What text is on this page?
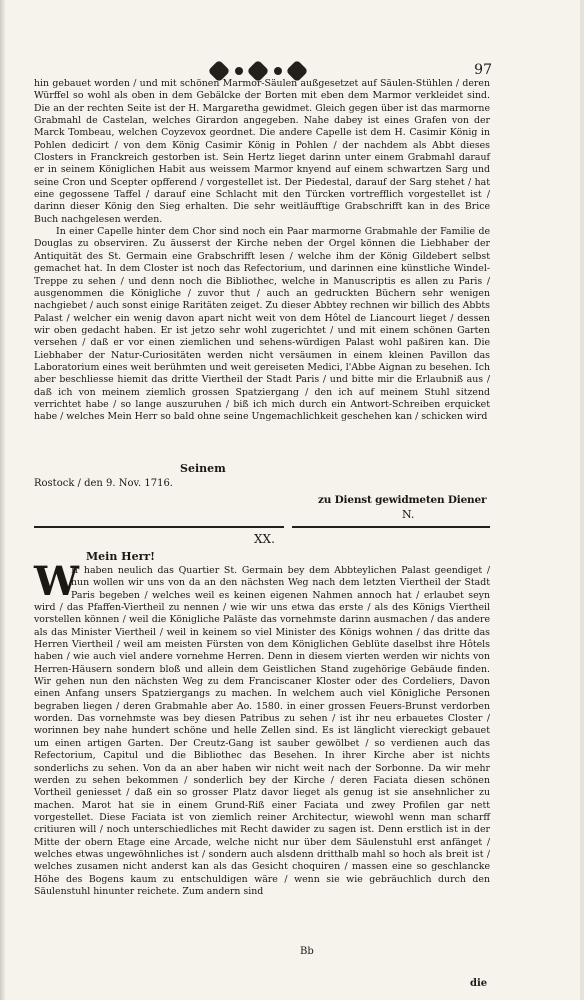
97

hin gebauet worden / und mit schönen Marmor-Säulen außgesetzet auf Säulen-Stühlen / deren Würffel so wohl als oben in dem Gebälcke der Borten mit eben dem Marmor verkleidet sind. Die an der rechten Seite ist der H. Margaretha gewidmet. Gleich gegen über ist das marmorne Grabmahl de Castelan, welches Girardon angegeben. Nahe dabey ist eines Grafen von der Marck Tombeau, welchen Coyzevox geordnet. Die andere Capelle ist dem H. Casimir König in Pohlen dedicirt / von dem König Casimir König in Pohlen / der nachdem als Abbt dieses Closters in Franckreich gestorben ist. Sein Hertz lieget darinn unter einem Grabmahl darauf er in seinem Königlichen Habit aus weissem Marmor knyend auf einem schwartzen Sarg und seine Cron und Scepter opfferend / vorgestellet ist. Der Piedestal, darauf der Sarg stehet / hat eine gegossene Taffel / darauf eine Schlacht mit den Türcken vortrefflich vorgestellet ist / darinn dieser König den Sieg erhalten. Die sehr weitläufftige Grabschrifft kan in des Brice Buch nachgelesen werden.

In einer Capelle hinter dem Chor sind noch ein Paar marmorne Grabmahle der Familie de Douglas zu observiren. Zu äusserst der Kirche neben der Orgel können die Liebhaber der Antiquität des St. Germain eine Grabschrifft lesen / welche ihm der König Gildebert selbst gemachet hat. In dem Closter ist noch das Refectorium, und darinnen eine künstliche Windel-Treppe zu sehen / und denn noch die Bibliothec, welche in Manuscriptis es allen zu Paris / ausgenommen die Königliche / zuvor thut / auch an gedruckten Büchern sehr wenigen nachgiebet / auch sonst einige Raritäten zeiget. Zu dieser Abbtey rechnen wir billich des Abbts Palast / welcher ein wenig davon apart nicht weit von dem Hôtel de Liancourt lieget / dessen wir oben gedacht haben. Er ist jetzo sehr wohl zugerichtet / und mit einem schönen Garten versehen / daß er vor einen ziemlichen und sehens-würdigen Palast wohl paßiren kan. Die Liebhaber der Natur-Curiositäten werden nicht versäumen in einem kleinen Pavillon das Laboratorium eines weit berühmten und weit gereiseten Medici, l'Abbe Aignan zu besehen. Ich aber beschliesse hiemit das dritte Viertheil der Stadt Paris / und bitte mir die Erlaubniß aus / daß ich von meinem ziemlich grossen Spatziergang / den ich auf meinem Stuhl sitzend verrichtet habe / so lange auszuruhen / biß ich mich durch ein Antwort-Schreiben erquicket habe / welches Mein Herr so bald ohne seine Ungemachlichkeit geschehen kan / schicken wird

Seinem
Rostock / den 9. Nov. 1716.
zu Dienst gewidmeten Diener
N.
XX.
Mein Herr!
W

Ir haben neulich das Quartier St. Germain bey dem Abbteylichen Palast geendiget / nun wollen wir uns von da an den nächsten Weg nach dem letzten Viertheil der Stadt Paris begeben / welches weil es keinen eigenen Nahmen annoch hat / erlaubet seyn wird / das Pfaffen-Viertheil zu nennen / wie wir uns etwa das erste / als des Königs Viertheil vorstellen können / weil die Königliche Paläste das vornehmste darinn ausmachen / das andere als das Minister Viertheil / weil in keinem so viel Minister des Königs wohnen / das dritte das Herren Viertheil / weil am meisten Fürsten von dem Königlichen Geblüte daselbst ihre Hôtels haben / wie auch viel andere vornehme Herren. Denn in diesem vierten werden wir nichts von Herren-Häusern sondern bloß und allein dem Geistlichen Stand zugehörige Gebäude finden. Wir gehen nun den nächsten Weg zu dem Franciscaner Kloster oder des Cordeliers, Davon einen Anfang unsers Spatziergangs zu machen. In welchem auch viel Königliche Personen begraben liegen / deren Grabmahle aber Ao. 1580. in einer grossen Feuers-Brunst verdorben worden. Das vornehmste was bey diesen Patribus zu sehen / ist ihr neu erbauetes Closter / worinnen bey nahe hundert schöne und helle Zellen sind. Es ist länglicht viereckigt gebauet um einen artigen Garten. Der Creutz-Gang ist sauber gewölbet / so verdienen auch das Refectorium, Capitul und die Bibliothec das Besehen. In ihrer Kirche aber ist nichts sonderlichs zu sehen. Von da an aber haben wir nicht weit nach der Sorbonne. Da wir mehr werden zu sehen bekommen / sonderlich bey der Kirche / deren Faciata diesen schönen Vortheil geniesset / daß ein so grosser Platz davor lieget als genug ist sie ansehnlicher zu machen. Marot hat sie in einem Grund-Riß einer Faciata und zwey Profilen gar nett vorgestellet. Diese Faciata ist von ziemlich reiner Architectur, wiewohl wenn man scharff critiuren will / noch unterschiedliches mit Recht dawider zu sagen ist. Denn erstlich ist in der Mitte der obern Etage eine Arcade, welche nicht nur über dem Säulenstuhl erst anfänget / welches etwas ungewöhnliches ist / sondern auch alsdenn dritthalb mahl so hoch als breit ist / welches zusamen nicht anderst kan als das Gesicht choquiren / massen eine so geschlancke Höhe des Bogens kaum zu entschuldigen wäre / wenn sie wie gebräuchlich durch den Säulenstuhl hinunter reichete. Zum andern sind

Bb
die
